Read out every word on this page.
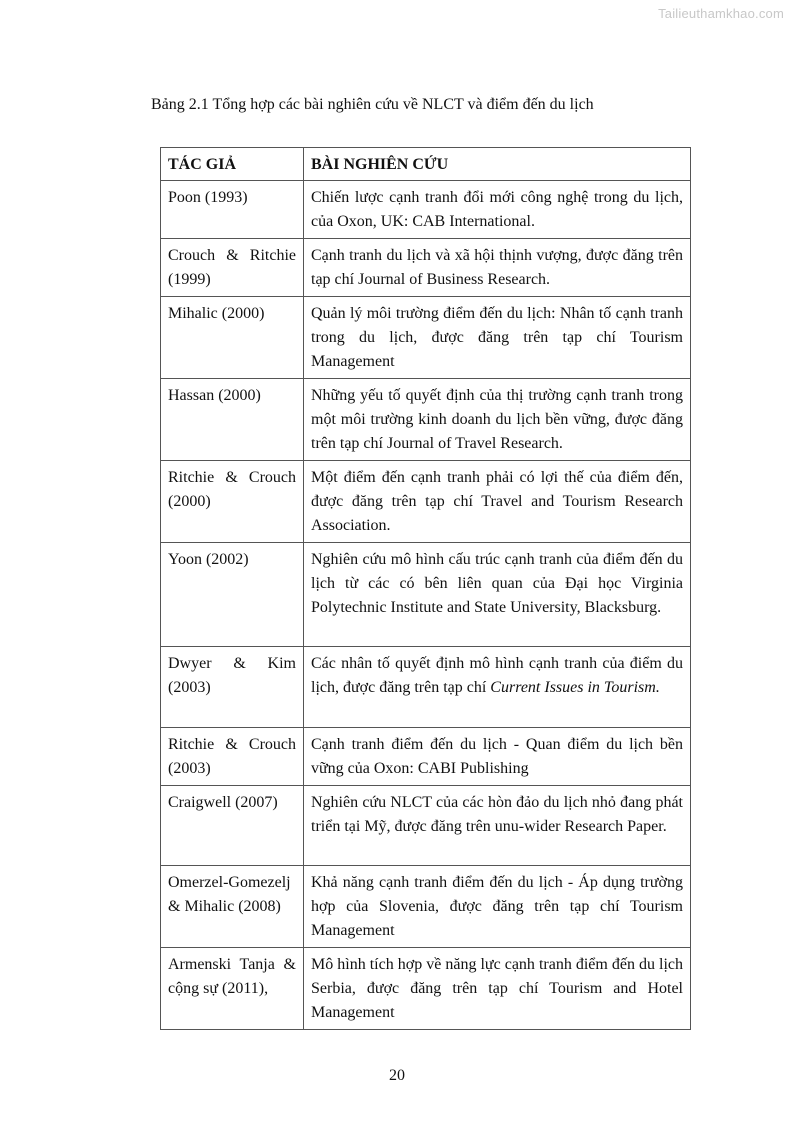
Tailieuthamkhao.com
Bảng 2.1 Tổng hợp các bài nghiên cứu về NLCT và điểm đến du lịch
TÁC GIẢ	BÀI NGHIÊN CỨU
Poon (1993)	Chiến lược cạnh tranh đổi mới công nghệ trong du lịch, của Oxon, UK: CAB International.
Crouch & Ritchie (1999)	Cạnh tranh du lịch và xã hội thịnh vượng, được đăng trên tạp chí Journal of Business Research.
Mihalic (2000)	Quản lý môi trường điểm đến du lịch: Nhân tố cạnh tranh trong du lịch, được đăng trên tạp chí Tourism Management
Hassan (2000)	Những yếu tố quyết định của thị trường cạnh tranh trong một môi trường kinh doanh du lịch bền vững, được đăng trên tạp chí Journal of Travel Research.
Ritchie & Crouch (2000)	Một điểm đến cạnh tranh phải có lợi thế của điểm đến, được đăng trên tạp chí Travel and Tourism Research Association.
Yoon (2002)	Nghiên cứu mô hình cấu trúc cạnh tranh của điểm đến du lịch từ các có bên liên quan của Đại học Virginia Polytechnic Institute and State University, Blacksburg.
Dwyer & Kim (2003)	Các nhân tố quyết định mô hình cạnh tranh của điểm du lịch, được đăng trên tạp chí Current Issues in Tourism.
Ritchie & Crouch (2003)	Cạnh tranh điểm đến du lịch - Quan điểm du lịch bền vững của Oxon: CABI Publishing
Craigwell (2007)	Nghiên cứu NLCT của các hòn đảo du lịch nhỏ đang phát triển tại Mỹ, được đăng trên unu-wider Research Paper.
Omerzel-Gomezelj & Mihalic (2008)	Khả năng cạnh tranh điểm đến du lịch - Áp dụng trường hợp của Slovenia, được đăng trên tạp chí Tourism Management
Armenski Tanja & cộng sự (2011),	Mô hình tích hợp về năng lực cạnh tranh điểm đến du lịch Serbia, được đăng trên tạp chí Tourism and Hotel Management
20
